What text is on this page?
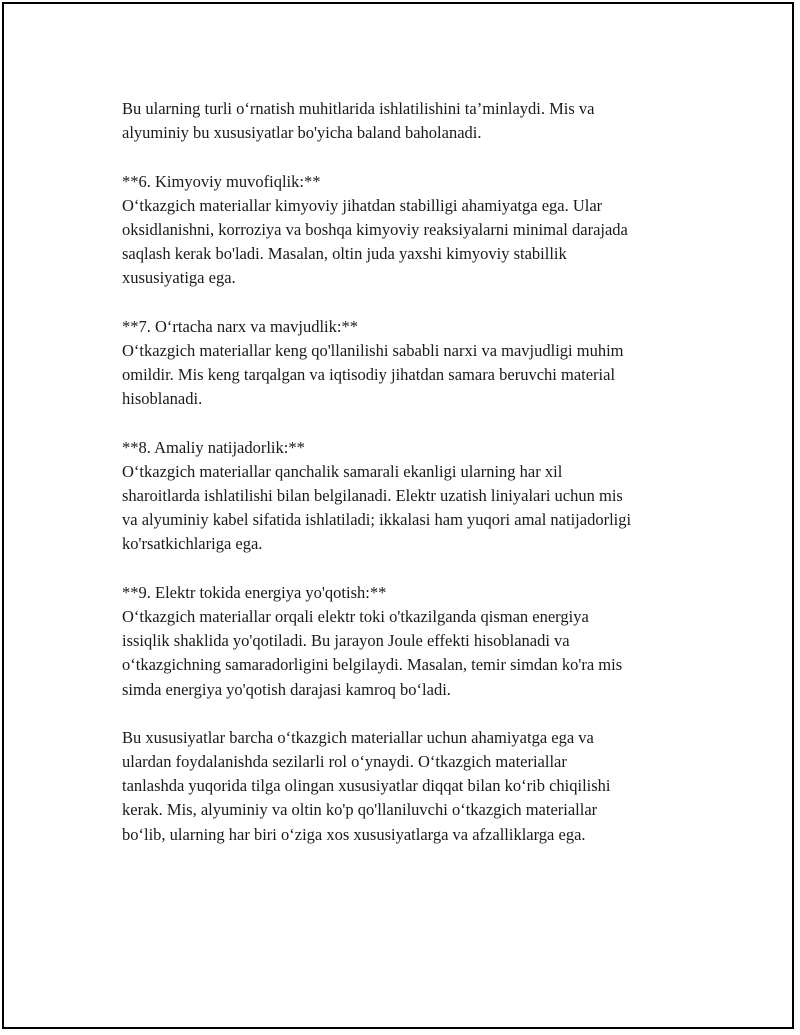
Bu ularning turli o‘rnatish muhitlarida ishlatilishini ta’minlaydi. Mis va
alyuminiy bu xususiyatlar bo'yicha baland baholanadi.
**6. Kimyoviy muvofiqlik:**
O‘tkazgich materiallar kimyoviy jihatdan stabilligi ahamiyatga ega. Ular
oksidlanishni, korroziya va boshqa kimyoviy reaksiyalarni minimal darajada
saqlash kerak bo'ladi. Masalan, oltin juda yaxshi kimyoviy stabillik
xususiyatiga ega.
**7. O‘rtacha narx va mavjudlik:**
O‘tkazgich materiallar keng qo'llanilishi sababli narxi va mavjudligi muhim
omildir. Mis keng tarqalgan va iqtisodiy jihatdan samara beruvchi material
hisoblanadi.
**8. Amaliy natijadorlik:**
O‘tkazgich materiallar qanchalik samarali ekanligi ularning har xil
sharoitlarda ishlatilishi bilan belgilanadi. Elektr uzatish liniyalari uchun mis
va alyuminiy kabel sifatida ishlatiladi; ikkalasi ham yuqori amal natijadorligi
ko'rsatkichlariga ega.
**9. Elektr tokida energiya yo'qotish:**
O‘tkazgich materiallar orqali elektr toki o'tkazilganda qisman energiya
issiqlik shaklida yo'qotiladi. Bu jarayon Joule effekti hisoblanadi va
o‘tkazgichning samaradorligini belgilaydi. Masalan, temir simdan ko'ra mis
simda energiya yo'qotish darajasi kamroq bo‘ladi.
Bu xususiyatlar barcha o‘tkazgich materiallar uchun ahamiyatga ega va
ulardan foydalanishda sezilarli rol o‘ynaydi. O‘tkazgich materiallar
tanlashda yuqorida tilga olingan xususiyatlar diqqat bilan ko‘rib chiqilishi
kerak. Mis, alyuminiy va oltin ko'p qo'llaniluvchi o‘tkazgich materiallar
bo‘lib, ularning har biri o‘ziga xos xususiyatlarga va afzalliklarga ega.
